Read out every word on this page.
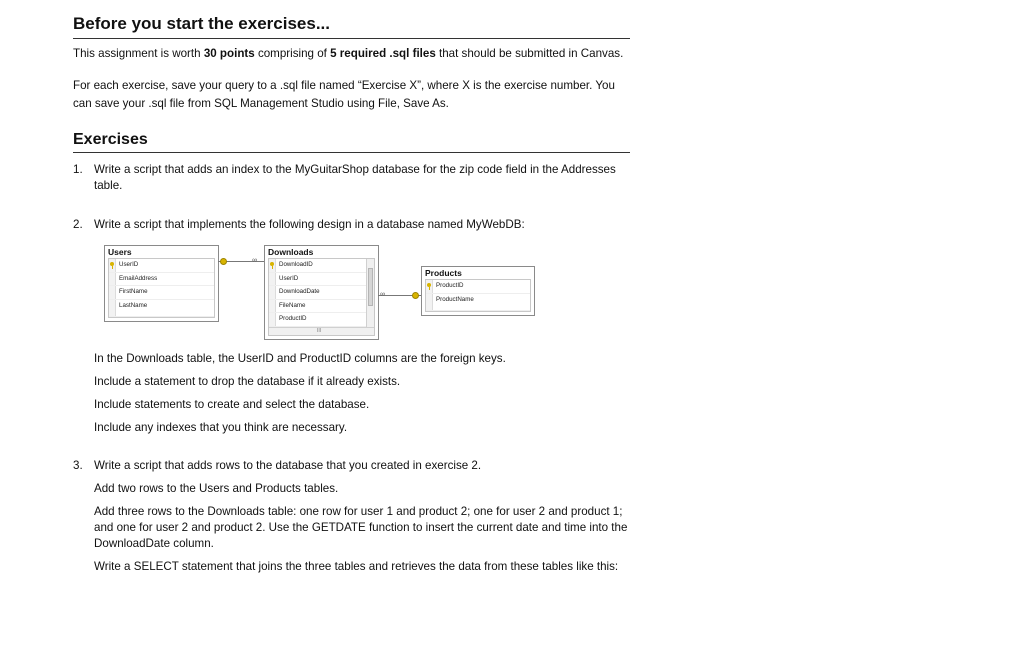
Before you start the exercises...

This assignment is worth 30 points comprising of 5 required .sql files that should be submitted in Canvas.

For each exercise, save your query to a .sql file named “Exercise X”, where X is the exercise number. You can save your .sql file from SQL Management Studio using File, Save As.

Exercises
1. Write a script that adds an index to the MyGuitarShop database for the zip code field in the Addresses table.
2. Write a script that implements the following design in a database named MyWebDB:
Users
UserID
EmailAddress
FirstName
LastName
Downloads
DownloadID
UserID
DownloadDate
FileName
ProductID
III
Products
ProductID
ProductName
∞
∞
In the Downloads table, the UserID and ProductID columns are the foreign keys.
Include a statement to drop the database if it already exists.
Include statements to create and select the database.
Include any indexes that you think are necessary.
3. Write a script that adds rows to the database that you created in exercise 2.
Add two rows to the Users and Products tables.
Add three rows to the Downloads table: one row for user 1 and product 2; one for user 2 and product 1; and one for user 2 and product 2. Use the GETDATE function to insert the current date and time into the DownloadDate column.
Write a SELECT statement that joins the three tables and retrieves the data from these tables like this:
